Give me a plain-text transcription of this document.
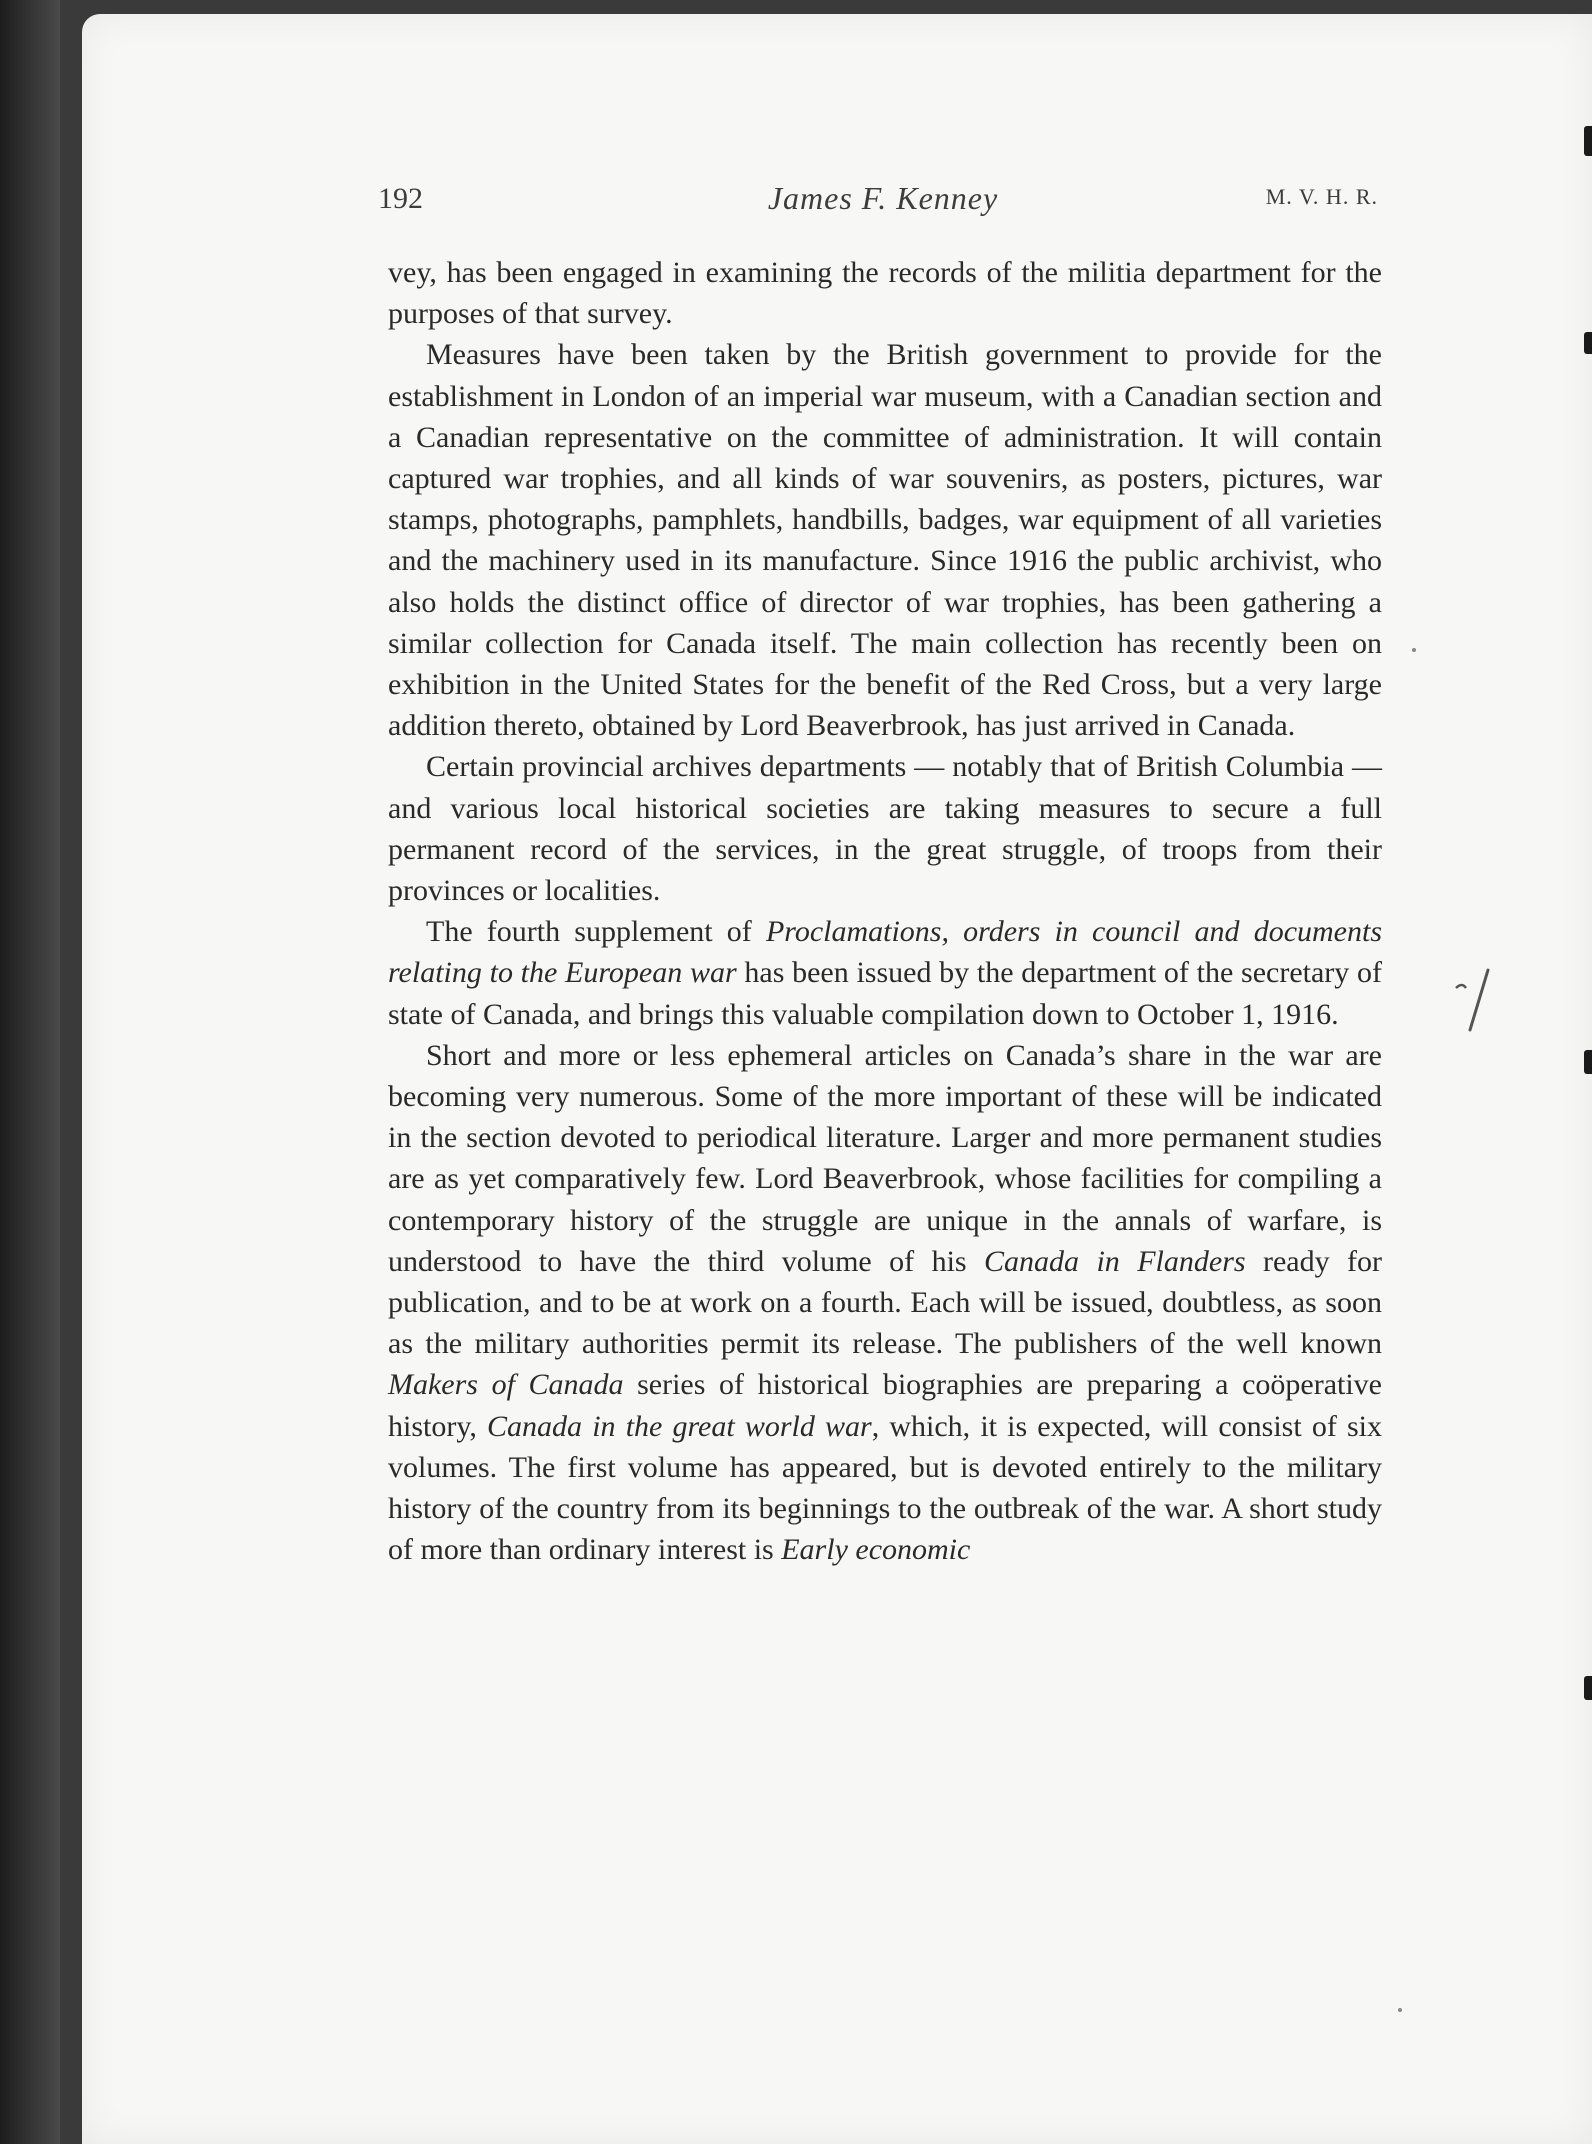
192	James F. Kenney	M. V. H. R.

vey, has been engaged in examining the records of the militia department for the purposes of that survey.

Measures have been taken by the British government to provide for the establishment in London of an imperial war museum, with a Canadian section and a Canadian representative on the committee of administration. It will contain captured war trophies, and all kinds of war souvenirs, as posters, pictures, war stamps, photographs, pamphlets, handbills, badges, war equipment of all varieties and the machinery used in its manufacture. Since 1916 the public archivist, who also holds the distinct office of director of war trophies, has been gathering a similar collection for Canada itself. The main collection has recently been on exhibition in the United States for the benefit of the Red Cross, but a very large addition thereto, obtained by Lord Beaverbrook, has just arrived in Canada.

Certain provincial archives departments — notably that of British Columbia — and various local historical societies are taking measures to secure a full permanent record of the services, in the great struggle, of troops from their provinces or localities.

The fourth supplement of Proclamations, orders in council and documents relating to the European war has been issued by the department of the secretary of state of Canada, and brings this valuable compilation down to October 1, 1916.

Short and more or less ephemeral articles on Canada’s share in the war are becoming very numerous. Some of the more important of these will be indicated in the section devoted to periodical literature. Larger and more permanent studies are as yet comparatively few. Lord Beaverbrook, whose facilities for compiling a contemporary history of the struggle are unique in the annals of warfare, is understood to have the third volume of his Canada in Flanders ready for publication, and to be at work on a fourth. Each will be issued, doubtless, as soon as the military authorities permit its release. The publishers of the well known Makers of Canada series of historical biographies are preparing a coöperative history, Canada in the great world war, which, it is expected, will consist of six volumes. The first volume has appeared, but is devoted entirely to the military history of the country from its beginnings to the outbreak of the war. A short study of more than ordinary interest is Early economic
